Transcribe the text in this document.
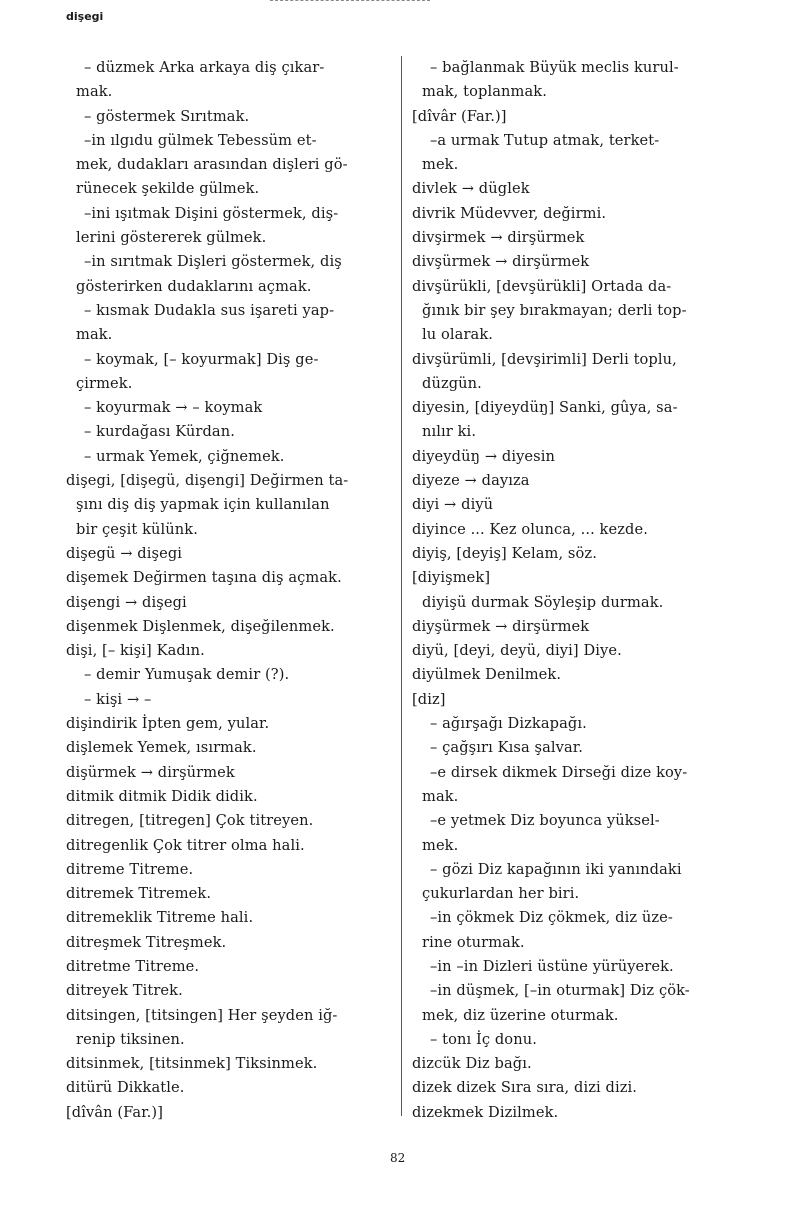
dişegi
– düzmek Arka arkaya diş çıkar-
mak.
– göstermek Sırıtmak.
–in ılgıdu gülmek Tebessüm et-
mek, dudakları arasından dişleri gö-
rünecek şekilde gülmek.
–ini ışıtmak Dişini göstermek, diş-
lerini göstererek gülmek.
–in sırıtmak Dişleri göstermek, diş
gösterirken dudaklarını açmak.
– kısmak Dudakla sus işareti yap-
mak.
– koymak, [– koyurmak] Diş ge-
çirmek.
– koyurmak → – koymak
– kurdağası Kürdan.
– urmak Yemek, çiğnemek.
dişegi, [dişegü, dişengi] Değirmen ta-
şını diş diş yapmak için kullanılan
bir çeşit külünk.
dişegü → dişegi
dişemek Değirmen taşına diş açmak.
dişengi → dişegi
dişenmek Dişlenmek, dişeğilenmek.
dişi, [– kişi] Kadın.
– demir Yumuşak demir (?).
– kişi → –
dişindirik İpten gem, yular.
dişlemek Yemek, ısırmak.
dişürmek → dirşürmek
ditmik ditmik Didik didik.
ditregen, [titregen] Çok titreyen.
ditregenlik Çok titrer olma hali.
ditreme Titreme.
ditremek Titremek.
ditremeklik Titreme hali.
ditreşmek Titreşmek.
ditretme Titreme.
ditreyek Titrek.
ditsingen, [titsingen] Her şeyden iğ-
renip tiksinen.
ditsinmek, [titsinmek] Tiksinmek.
ditürü Dikkatle.
[dîvân (Far.)]
– bağlanmak Büyük meclis kurul-
mak, toplanmak.
[dîvâr (Far.)]
–a urmak Tutup atmak, terket-
mek.
divlek → düglek
divrik Müdevver, değirmi.
divşirmek → dirşürmek
divşürmek → dirşürmek
divşürükli, [devşürükli] Ortada da-
ğınık bir şey bırakmayan; derli top-
lu olarak.
divşürümli, [devşirimli] Derli toplu,
düzgün.
diyesin, [diyeydüŋ] Sanki, gûya, sa-
nılır ki.
diyeydüŋ → diyesin
diyeze → dayıza
diyi → diyü
diyince ... Kez olunca, ... kezde.
diyiş, [deyiş] Kelam, söz.
[diyişmek]
diyişü durmak Söyleşip durmak.
diyşürmek → dirşürmek
diyü, [deyi, deyü, diyi] Diye.
diyülmek Denilmek.
[diz]
– ağırşağı Dizkapağı.
– çağşırı Kısa şalvar.
–e dirsek dikmek Dirseği dize koy-
mak.
–e yetmek Diz boyunca yüksel-
mek.
– gözi Diz kapağının iki yanındaki
çukurlardan her biri.
–in çökmek Diz çökmek, diz üze-
rine oturmak.
–in –in Dizleri üstüne yürüyerek.
–in düşmek, [–in oturmak] Diz çök-
mek, diz üzerine oturmak.
– tonı İç donu.
dizcük Diz bağı.
dizek dizek Sıra sıra, dizi dizi.
dizekmek Dizilmek.
82
